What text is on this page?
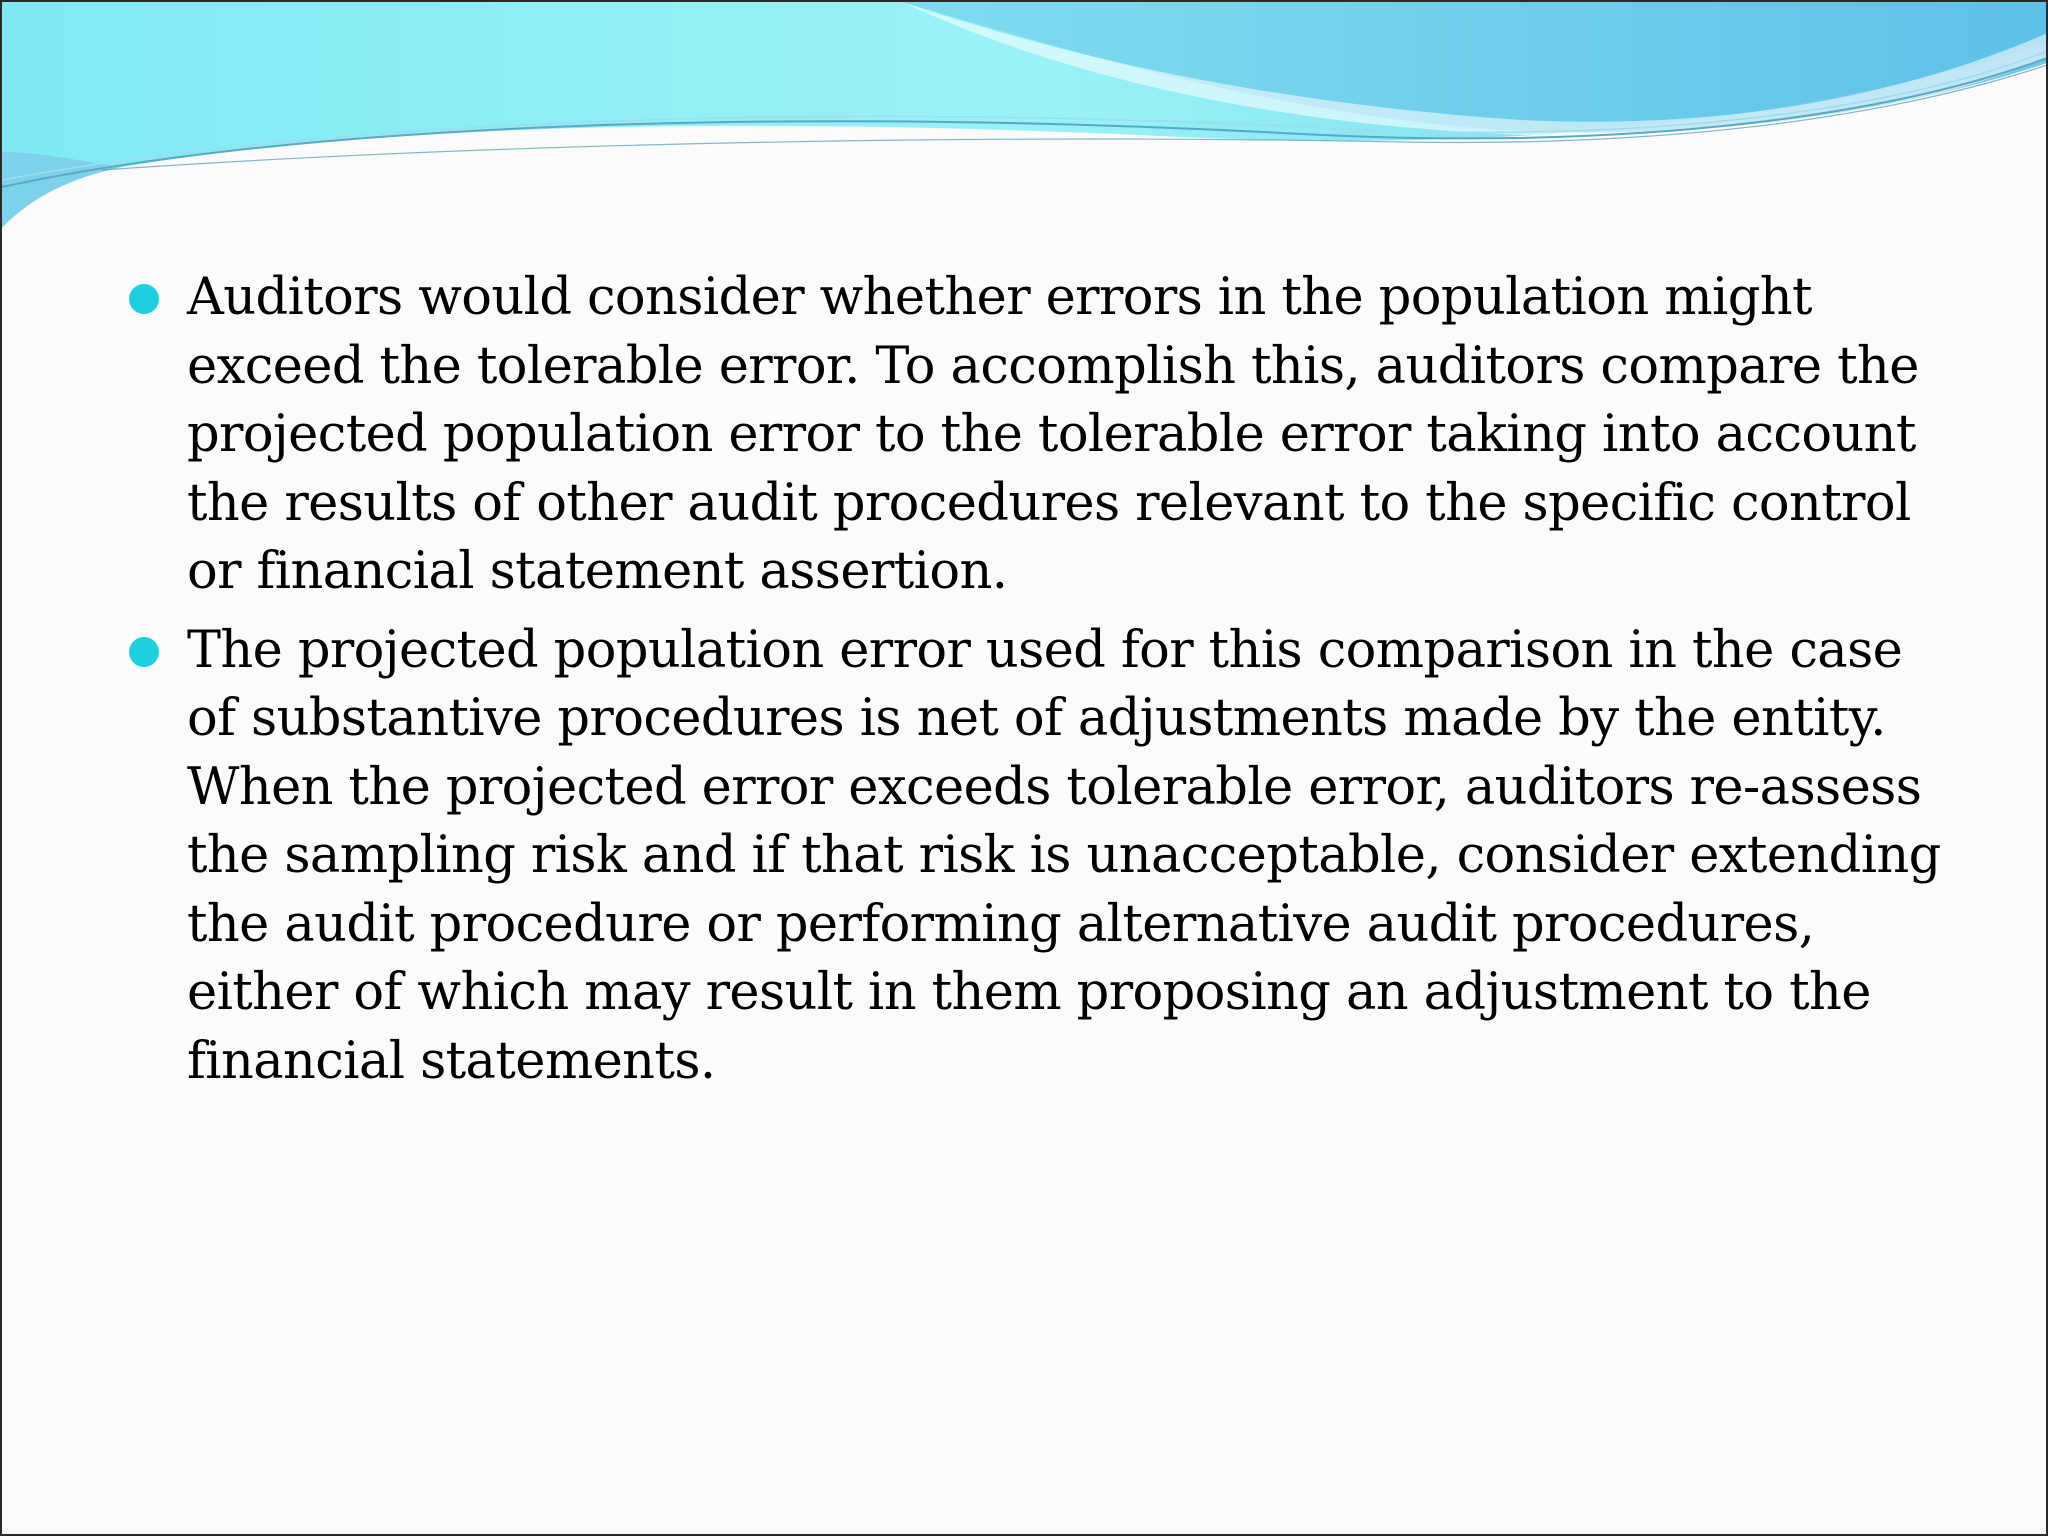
Auditors would consider whether errors in the population might exceed the tolerable error. To accomplish this, auditors compare the projected population error to the tolerable error taking into account the results of other audit procedures relevant to the specific control or financial statement assertion.
The projected population error used for this comparison in the case of substantive procedures is net of adjustments made by the entity. When the projected error exceeds tolerable error, auditors re-assess the sampling risk and if that risk is unacceptable, consider extending the audit procedure or performing alternative audit procedures, either of which may result in them proposing an adjustment to the financial statements.
